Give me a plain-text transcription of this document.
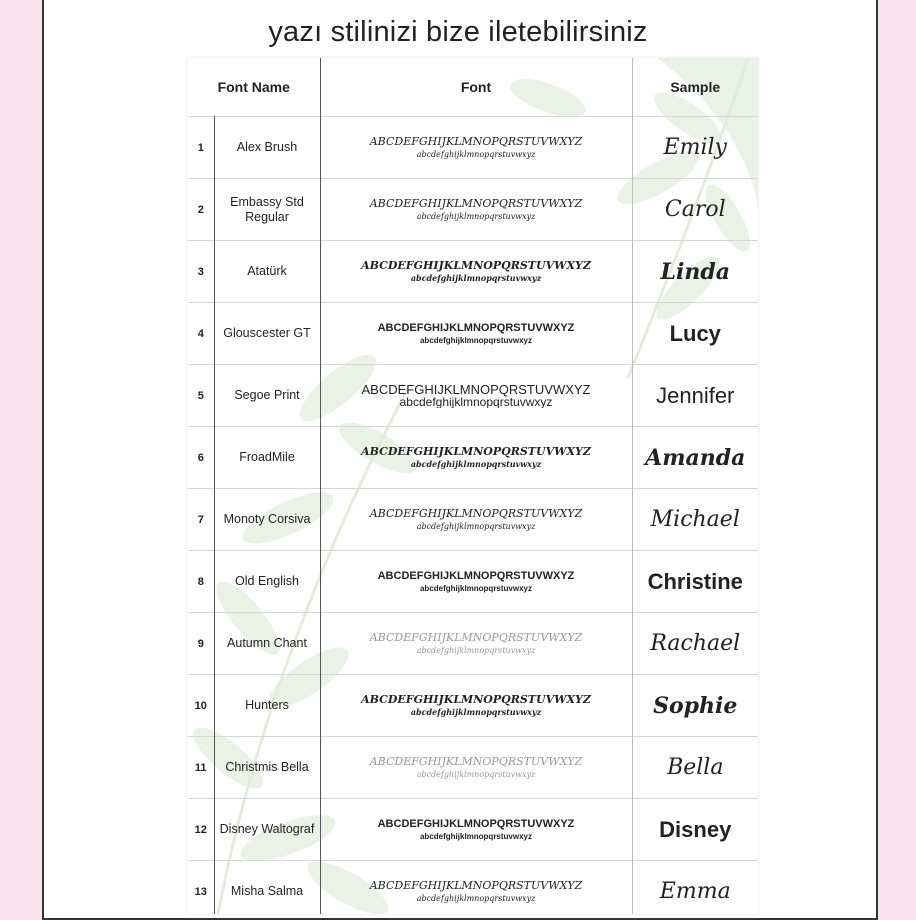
yazı stilinizi bize iletebilirsiniz
Font Name		Font	Sample
1	Alex Brush	ABCDEFGHIJKLMNOPQRSTUVWXYZ
abcdefghijklmnopqrstuvwxyz	Emily
2	Embassy Std Regular	ABCDEFGHIJKLMNOPQRSTUVWXYZ
abcdefghijklmnopqrstuvwxyz	Carol
3	Atatürk	ABCDEFGHIJKLMNOPQRSTUVWXYZ
abcdefghijklmnopqrstuvwxyz	Linda
4	Glouscester GT	ABCDEFGHIJKLMNOPQRSTUVWXYZ
abcdefghijklmnopqrstuvwxyz	Lucy
5	Segoe Print	ABCDEFGHIJKLMNOPQRSTUVWXYZ
abcdefghijklmnopqrstuvwxyz	Jennifer
6	FroadMile	ABCDEFGHIJKLMNOPQRSTUVWXYZ
abcdefghijklmnopqrstuvwxyz	Amanda
7	Monoty Corsiva	ABCDEFGHIJKLMNOPQRSTUVWXYZ
abcdefghijklmnopqrstuvwxyz	Michael
8	Old English	ABCDEFGHIJKLMNOPQRSTUVWXYZ
abcdefghijklmnopqrstuvwxyz	Christine
9	Autumn Chant	ABCDEFGHIJKLMNOPQRSTUVWXYZ
abcdefghijklmnopqrstuvwxyz	Rachael
10	Hunters	ABCDEFGHIJKLMNOPQRSTUVWXYZ
abcdefghijklmnopqrstuvwxyz	Sophie
11	Christmis Bella	ABCDEFGHIJKLMNOPQRSTUVWXYZ
abcdefghijklmnopqrstuvwxyz	Bella
12	Disney Waltograf	ABCDEFGHIJKLMNOPQRSTUVWXYZ
abcdefghijklmnopqrstuvwxyz	Disney
13	Misha Salma	ABCDEFGHIJKLMNOPQRSTUVWXYZ
abcdefghijklmnopqrstuvwxyz	Emma
